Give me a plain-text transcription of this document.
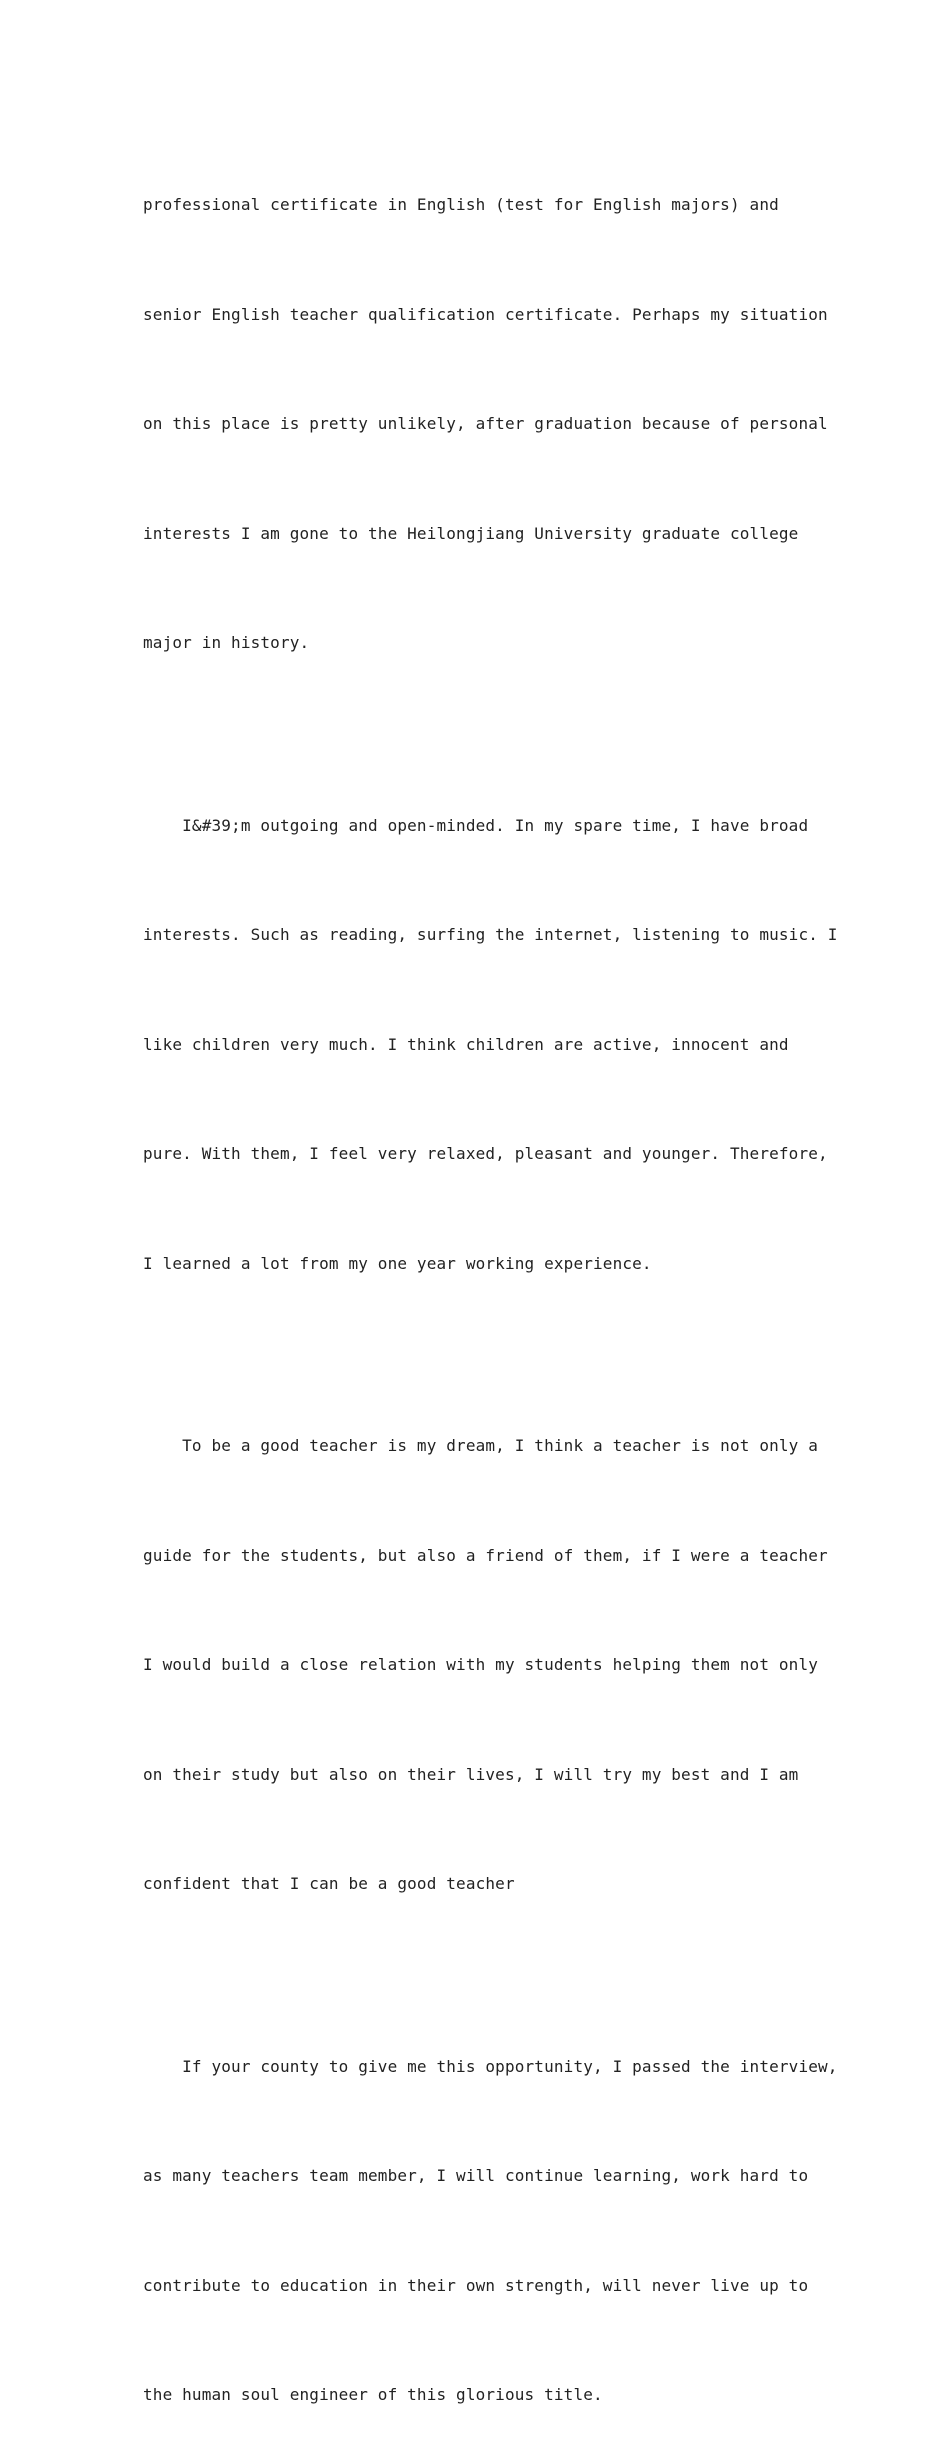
professional certificate in English (test for English majors) and

senior English teacher qualification certificate. Perhaps my situation

on this place is pretty unlikely, after graduation because of personal

interests I am gone to the Heilongjiang University graduate college

major in history.

I&#39;m outgoing and open-minded. In my spare time, I have broad

interests. Such as reading, surfing the internet, listening to music. I

like children very much. I think children are active, innocent and

pure. With them, I feel very relaxed, pleasant and younger. Therefore,

I learned a lot from my one year working experience.

To be a good teacher is my dream, I think a teacher is not only a

guide for the students, but also a friend of them, if I were a teacher

I would build a close relation with my students helping them not only

on their study but also on their lives, I will try my best and I am

confident that I can be a good teacher

If your county to give me this opportunity, I passed the interview,

as many teachers team member, I will continue learning, work hard to

contribute to education in their own strength, will never live up to

the human soul engineer of this glorious title.
